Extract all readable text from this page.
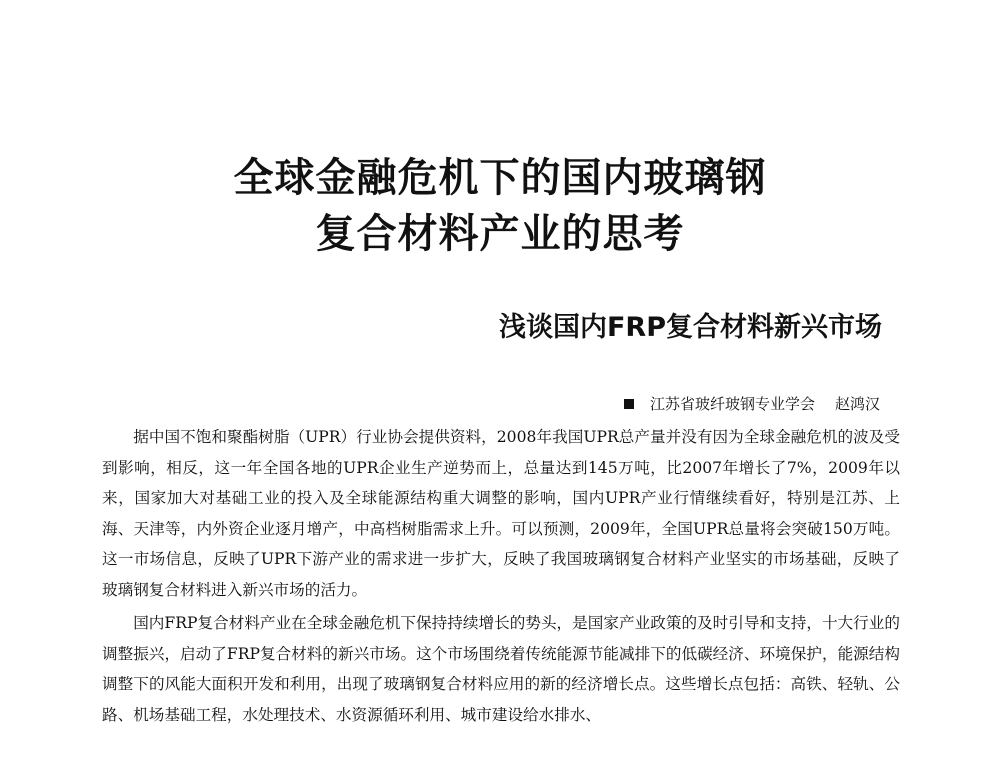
全球金融危机下的国内玻璃钢
复合材料产业的思考
浅谈国内FRP复合材料新兴市场
江苏省玻纤玻钢专业学会 赵鸿汉

据中国不饱和聚酯树脂（UPR）行业协会提供资料，2008年我国UPR总产量并没有因为全球金融危机的波及受到影响，相反，这一年全国各地的UPR企业生产逆势而上，总量达到145万吨，比2007年增长了7%，2009年以来，国家加大对基础工业的投入及全球能源结构重大调整的影响，国内UPR产业行情继续看好，特别是江苏、上海、天津等，内外资企业逐月增产，中高档树脂需求上升。可以预测，2009年，全国UPR总量将会突破150万吨。这一市场信息，反映了UPR下游产业的需求进一步扩大，反映了我国玻璃钢复合材料产业坚实的市场基础，反映了玻璃钢复合材料进入新兴市场的活力。

国内FRP复合材料产业在全球金融危机下保持持续增长的势头，是国家产业政策的及时引导和支持，十大行业的调整振兴，启动了FRP复合材料的新兴市场。这个市场围绕着传统能源节能减排下的低碳经济、环境保护，能源结构调整下的风能大面积开发和利用，出现了玻璃钢复合材料应用的新的经济增长点。这些增长点包括：高铁、轻轨、公路、机场基础工程，水处理技术、水资源循环利用、城市建设给水排水、
